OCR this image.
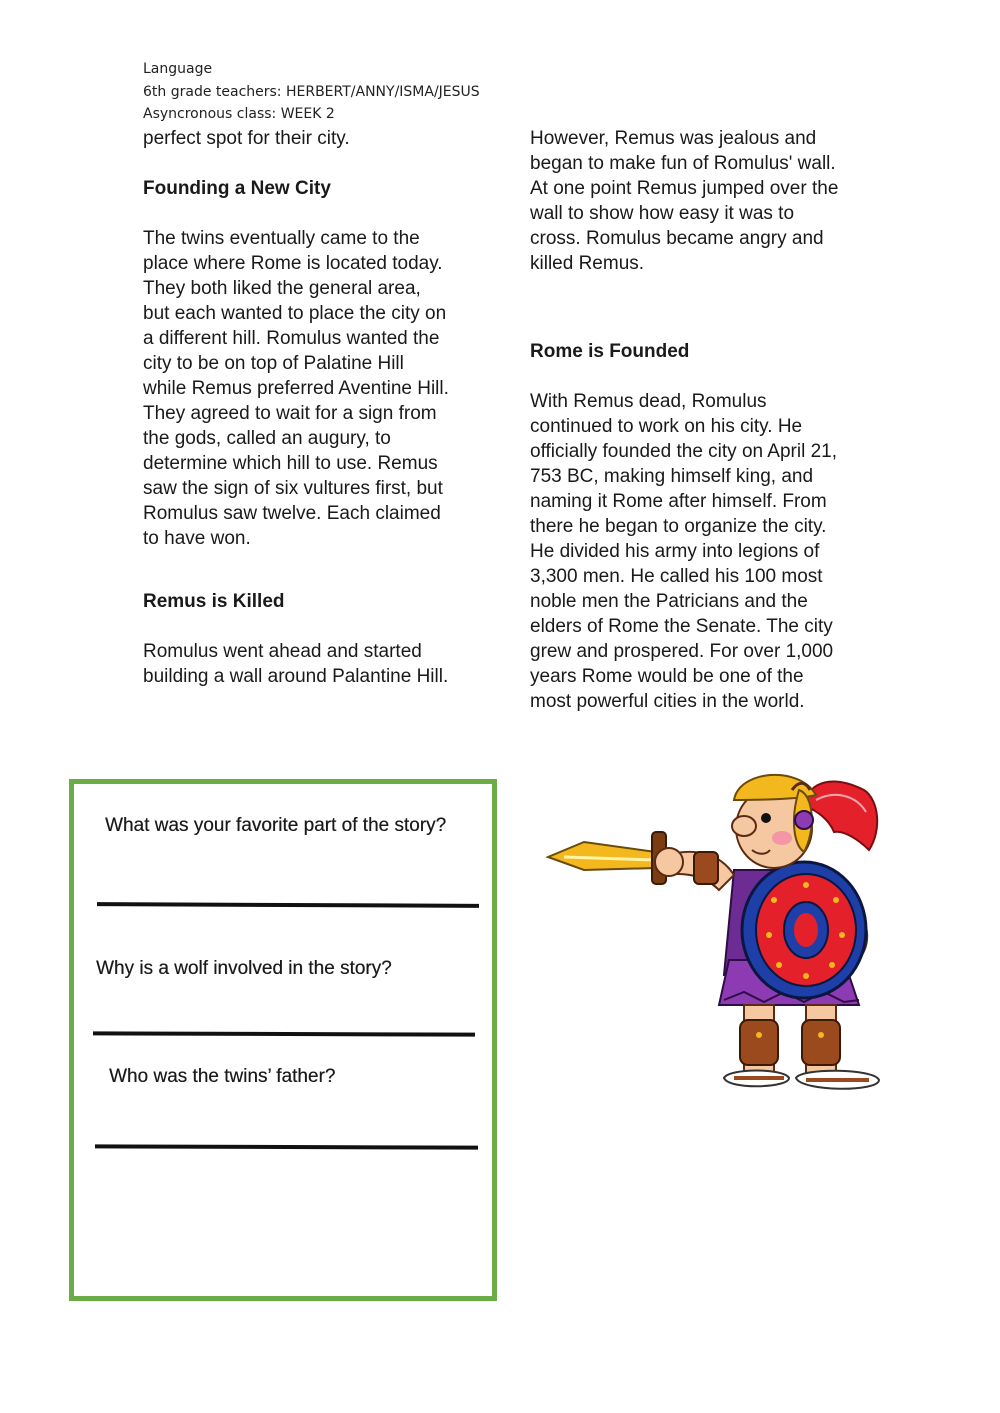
Language
6th grade teachers: HERBERT/ANNY/ISMA/JESUS
Asyncronous class: WEEK 2
perfect spot for their city.
Founding a New City
The twins eventually came to the
place where Rome is located today.
They both liked the general area,
but each wanted to place the city on
a different hill. Romulus wanted the
city to be on top of Palatine Hill
while Remus preferred Aventine Hill.
They agreed to wait for a sign from
the gods, called an augury, to
determine which hill to use. Remus
saw the sign of six vultures first, but
Romulus saw twelve. Each claimed
to have won.
Remus is Killed
Romulus went ahead and started
building a wall around Palantine Hill.
However, Remus was jealous and
began to make fun of Romulus' wall.
At one point Remus jumped over the
wall to show how easy it was to
cross. Romulus became angry and
killed Remus.
Rome is Founded
With Remus dead, Romulus
continued to work on his city. He
officially founded the city on April 21,
753 BC, making himself king, and
naming it Rome after himself. From
there he began to organize the city.
He divided his army into legions of
3,300 men. He called his 100 most
noble men the Patricians and the
elders of Rome the Senate. The city
grew and prospered. For over 1,000
years Rome would be one of the
most powerful cities in the world.
What was your favorite part of the story?
Why is a wolf involved in the story?
Who was the twins’ father?
